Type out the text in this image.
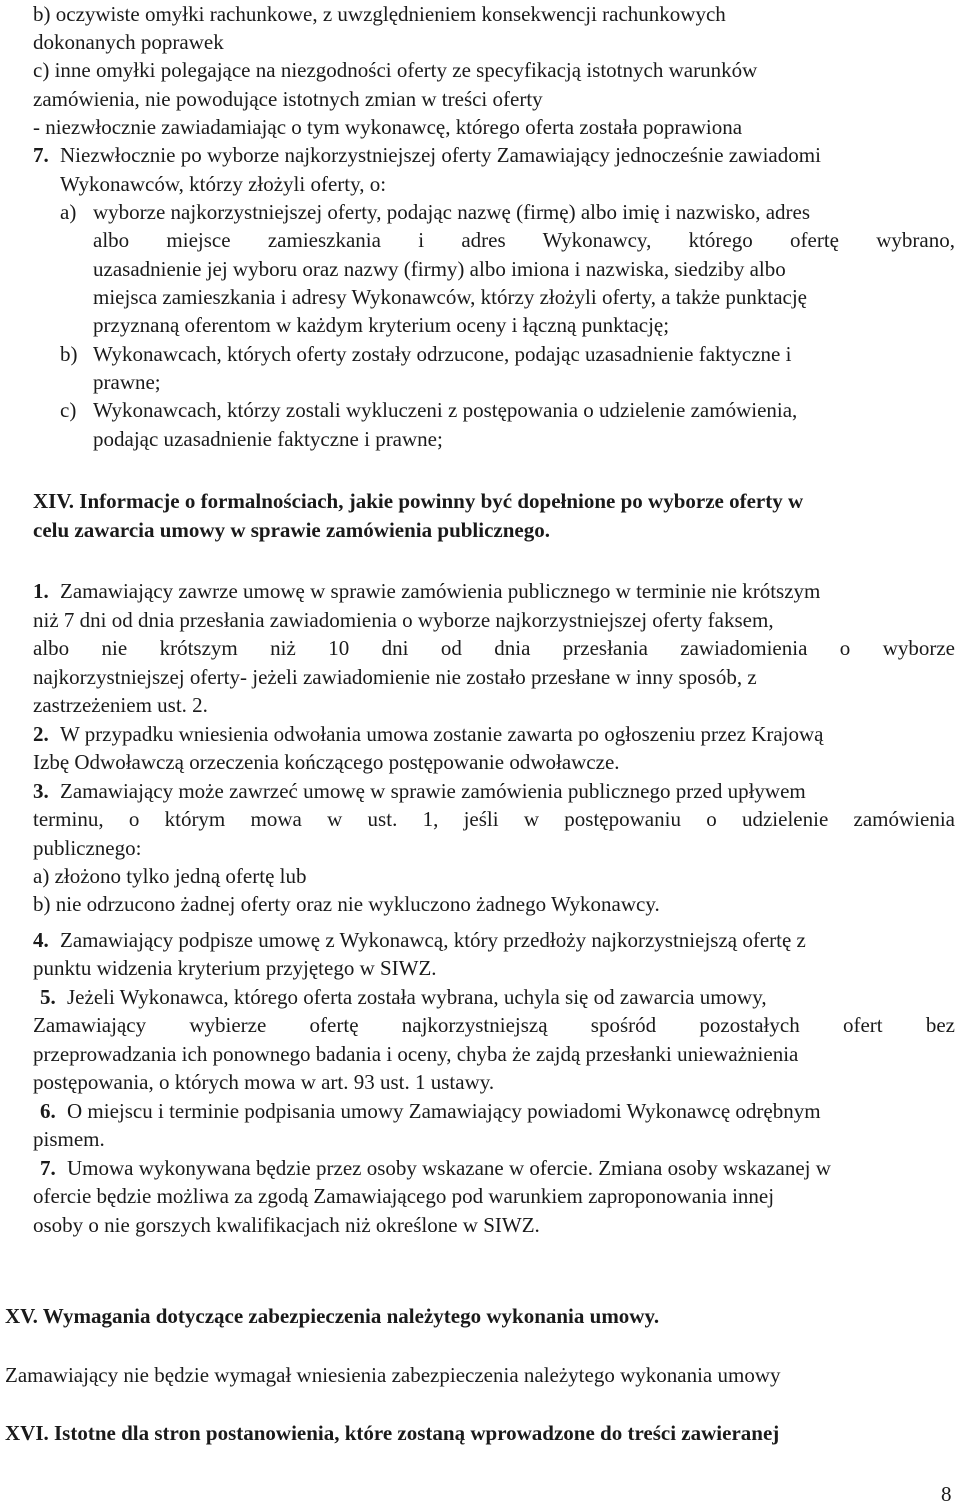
b) oczywiste omyłki rachunkowe, z uwzględnieniem konsekwencji rachunkowych
dokonanych poprawek
c) inne omyłki polegające na niezgodności oferty ze specyfikacją istotnych warunków
zamówienia, nie powodujące istotnych zmian w treści oferty
- niezwłocznie zawiadamiając o tym wykonawcę, którego oferta została poprawiona
7. Niezwłocznie po wyborze najkorzystniejszej oferty Zamawiający jednocześnie zawiadomi
Wykonawców, którzy złożyli oferty, o:
a) wyborze najkorzystniejszej oferty, podając nazwę (firmę) albo imię i nazwisko, adres
albo miejsce zamieszkania i adres Wykonawcy, którego ofertę wybrano,
uzasadnienie jej wyboru oraz nazwy (firmy) albo imiona i nazwiska, siedziby albo
miejsca zamieszkania i adresy Wykonawców, którzy złożyli oferty, a także punktację
przyznaną oferentom w każdym kryterium oceny i łączną punktację;
b) Wykonawcach, których oferty zostały odrzucone, podając uzasadnienie faktyczne i
prawne;
c) Wykonawcach, którzy zostali wykluczeni z postępowania o udzielenie zamówienia,
podając uzasadnienie faktyczne i prawne;
XIV. Informacje o formalnościach, jakie powinny być dopełnione po wyborze oferty w
celu zawarcia umowy w sprawie zamówienia publicznego.
1. Zamawiający zawrze umowę w sprawie zamówienia publicznego w terminie nie krótszym
niż 7 dni od dnia przesłania zawiadomienia o wyborze najkorzystniejszej oferty faksem,
albo nie krótszym niż 10 dni od dnia przesłania zawiadomienia o wyborze
najkorzystniejszej oferty- jeżeli zawiadomienie nie zostało przesłane w inny sposób, z
zastrzeżeniem ust. 2.
2. W przypadku wniesienia odwołania umowa zostanie zawarta po ogłoszeniu przez Krajową
Izbę Odwoławczą orzeczenia kończącego postępowanie odwoławcze.
3. Zamawiający może zawrzeć umowę w sprawie zamówienia publicznego przed upływem
terminu, o którym mowa w ust. 1, jeśli w postępowaniu o udzielenie zamówienia
publicznego:
a) złożono tylko jedną ofertę lub
b) nie odrzucono żadnej oferty oraz nie wykluczono żadnego Wykonawcy.
4. Zamawiający podpisze umowę z Wykonawcą, który przedłoży najkorzystniejszą ofertę z
punktu widzenia kryterium przyjętego w SIWZ.
5. Jeżeli Wykonawca, którego oferta została wybrana, uchyla się od zawarcia umowy,
Zamawiający wybierze ofertę najkorzystniejszą spośród pozostałych ofert bez
przeprowadzania ich ponownego badania i oceny, chyba że zajdą przesłanki unieważnienia
postępowania, o których mowa w art. 93 ust. 1 ustawy.
6. O miejscu i terminie podpisania umowy Zamawiający powiadomi Wykonawcę odrębnym
pismem.
7. Umowa wykonywana będzie przez osoby wskazane w ofercie. Zmiana osoby wskazanej w
ofercie będzie możliwa za zgodą Zamawiającego pod warunkiem zaproponowania innej
osoby o nie gorszych kwalifikacjach niż określone w SIWZ.
XV. Wymagania dotyczące zabezpieczenia należytego wykonania umowy.
Zamawiający nie będzie wymagał wniesienia zabezpieczenia należytego wykonania umowy
XVI. Istotne dla stron postanowienia, które zostaną wprowadzone do treści zawieranej
8
